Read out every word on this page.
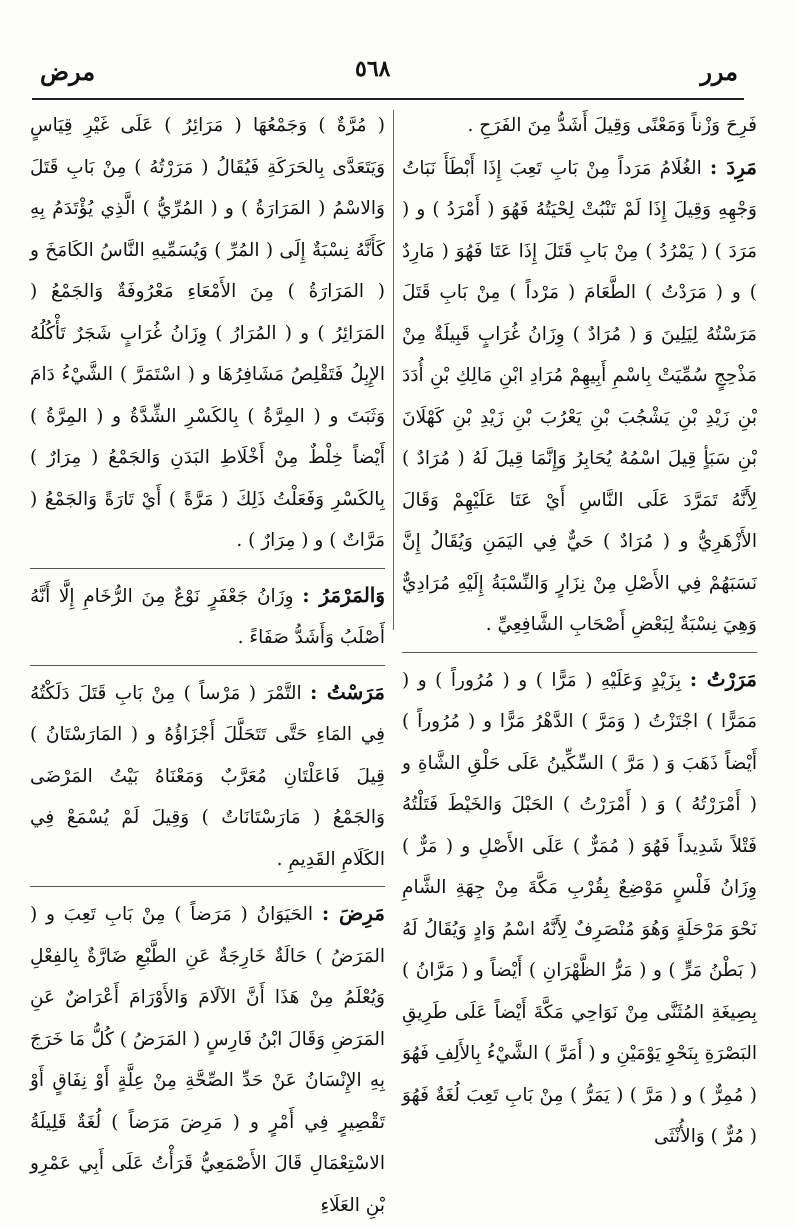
مرر
٥٦٨
مرض

فَرِحَ وَزْناً وَمَعْنًى وَقِيلَ أَشَدُّ مِنَ الفَرَحِ .

مَرِدَ : الغُلَامُ مَرَداً مِنْ بَابِ تَعِبَ إِذَا أَبْطَأَ نَبَاتُ وَجْهِهِ وَقِيلَ إِذَا لَمْ تَنْبُتْ لِحْيَتُهُ فَهُوَ ( أَمْرَدُ ) و ( مَرَدَ ) ( يَمْرُدُ ) مِنْ بَابِ قَتَلَ إِذَا عَتَا فَهُوَ ( مَارِدٌ ) و ( مَرَدْتُ ) الطَّعَامَ ( مَرْداً ) مِنْ بَابِ قَتَلَ مَرَسْتُهُ لِيَلِينَ وَ ( مُرَادٌ ) وِزَانُ غُرَابٍ قَبِيلَةٌ مِنْ مَذْحِجٍ سُمِّيَتْ بِاسْمِ أَبِيهِمْ مُرَادِ ابْنِ مَالِكِ بْنِ أُدَدَ بْنِ زَيْدِ بْنِ يَشْجُبَ بْنِ يَعْرُبَ بْنِ زَيْدِ بْنِ كَهْلَانَ بْنِ سَبَأٍ قِيلَ اسْمُهُ يُحَابِرُ وَإِنَّمَا قِيلَ لَهُ ( مُرَادٌ ) لِأَنَّهُ تَمَرَّدَ عَلَى النَّاسِ أَيْ عَتَا عَلَيْهِمْ وَقَالَ الأَزْهَرِيُّ و ( مُرَادٌ ) حَيٌّ فِي اليَمَنِ وَيُقَالُ إِنَّ نَسَبَهُمْ فِي الأَصْلِ مِنْ نِزَارٍ وَالنِّسْبَةُ إِلَيْهِ مُرَادِيٌّ وَهِيَ نِسْبَةٌ لِبَعْضِ أَصْحَابِ الشَّافِعِيِّ .

مَرَرْتُ : بِزَيْدٍ وَعَلَيْهِ ( مَرًّا ) و ( مُرُوراً ) و ( مَمَرًّا ) اجْتَزْتُ ( وَمَرَّ ) الدَّهْرُ مَرًّا و ( مُرُوراً ) أَيْضاً ذَهَبَ وَ ( مَرَّ ) السِّكِّينُ عَلَى حَلْقِ الشَّاةِ و ( أَمْرَرْتُهُ ) وَ ( أَمْرَرْتُ ) الحَبْلَ وَالخَيْطَ فَتَلْتُهُ فَتْلاً شَدِيداً فَهُوَ ( مُمَرٌّ ) عَلَى الأَصْلِ و ( مَرٌّ ) وِزَانُ فَلْسٍ مَوْضِعٌ بِقُرْبِ مَكَّةَ مِنْ جِهَةِ الشَّامِ نَحْوَ مَرْحَلَةٍ وَهُوَ مُنْصَرِفٌ لِأَنَّهُ اسْمُ وَادٍ وَيُقَالُ لَهُ ( بَطْنُ مَرٍّ ) و ( مَرُّ الظَّهْرَانِ ) أَيْضاً و ( مَرَّانُ ) بِصِيغَةِ المُثَنَّى مِنْ نَوَاحِي مَكَّةَ أَيْضاً عَلَى طَرِيقِ البَصْرَةِ بِنَحْوِ يَوْمَيْنِ و ( أَمَرَّ ) الشَّيْءُ بِالأَلِفِ فَهُوَ ( مُمِرٌّ ) و ( مَرَّ ) ( يَمَرُّ ) مِنْ بَابِ تَعِبَ لُغَةٌ فَهُوَ ( مُرٌّ ) وَالأُنْثَى

( مُرَّةٌ ) وَجَمْعُهَا ( مَرَائِرُ ) عَلَى غَيْرِ قِيَاسٍ وَيَتَعَدَّى بِالحَرَكَةِ فَيُقَالُ ( مَرَرْتُهُ ) مِنْ بَابِ قَتَلَ وَالاسْمُ ( المَرَارَةُ ) و ( المُرِّيُّ ) الَّذِي يُؤْتَدَمُ بِهِ كَأَنَّهُ نِسْبَةٌ إِلَى ( المُرِّ ) وَيُسَمِّيهِ النَّاسُ الكَامَخَ و ( المَرَارَةُ ) مِنَ الأَمْعَاءِ مَعْرُوفَةٌ وَالجَمْعُ ( المَرَائِرُ ) و ( المُرَارُ ) وِزَانُ غُرَابٍ شَجَرٌ تَأْكُلُهُ الإِبِلُ فَتَقْلِصُ مَشَافِرُهَا و ( اسْتَمَرَّ ) الشَّيْءُ دَامَ وَثَبَتَ و ( المِرَّةُ ) بِالكَسْرِ الشِّدَّةُ و ( المِرَّةُ ) أَيْضاً خِلْطٌ مِنْ أَخْلَاطِ البَدَنِ وَالجَمْعُ ( مِرَارٌ ) بِالكَسْرِ وَفَعَلْتُ ذَلِكَ ( مَرَّةً ) أَيْ تَارَةً وَالجَمْعُ ( مَرَّاتٌ ) و ( مِرَارٌ ) .

وَالمَرْمَرُ : وِزَانُ جَعْفَرٍ نَوْعٌ مِنَ الرُّخَامِ إِلَّا أَنَّهُ أَصْلَبُ وَأَشَدُّ صَفَاءً .

مَرَسْتُ : التَّمْرَ ( مَرْساً ) مِنْ بَابِ قَتَلَ دَلَكْتُهُ فِي المَاءِ حَتَّى تَتَحَلَّلَ أَجْزَاؤُهُ و ( المَارَسْتَانُ ) قِيلَ فَاعَلْتَانِ مُعَرَّبٌ وَمَعْنَاهُ بَيْتُ المَرْضَى وَالجَمْعُ ( مَارَسْتَانَاتٌ ) وَقِيلَ لَمْ يُسْمَعْ فِي الكَلَامِ القَدِيمِ .

مَرِضَ : الحَيَوَانُ ( مَرَضاً ) مِنْ بَابِ تَعِبَ و ( المَرَضُ ) حَالَةٌ خَارِجَةٌ عَنِ الطَّبْعِ ضَارَّةٌ بِالفِعْلِ وَيُعْلَمُ مِنْ هَذَا أَنَّ الآلَامَ وَالأَوْرَامَ أَعْرَاضٌ عَنِ المَرَضِ وَقَالَ ابْنُ فَارِسٍ ( المَرَضُ ) كُلُّ مَا خَرَجَ بِهِ الإِنْسَانُ عَنْ حَدِّ الصِّحَّةِ مِنْ عِلَّةٍ أَوْ نِفَاقٍ أَوْ تَقْصِيرٍ فِي أَمْرٍ و ( مَرِضَ مَرَضاً ) لُغَةٌ قَلِيلَةُ الاسْتِعْمَالِ قَالَ الأَصْمَعِيُّ قَرَأْتُ عَلَى أَبِي عَمْرِو بْنِ العَلَاءِ
